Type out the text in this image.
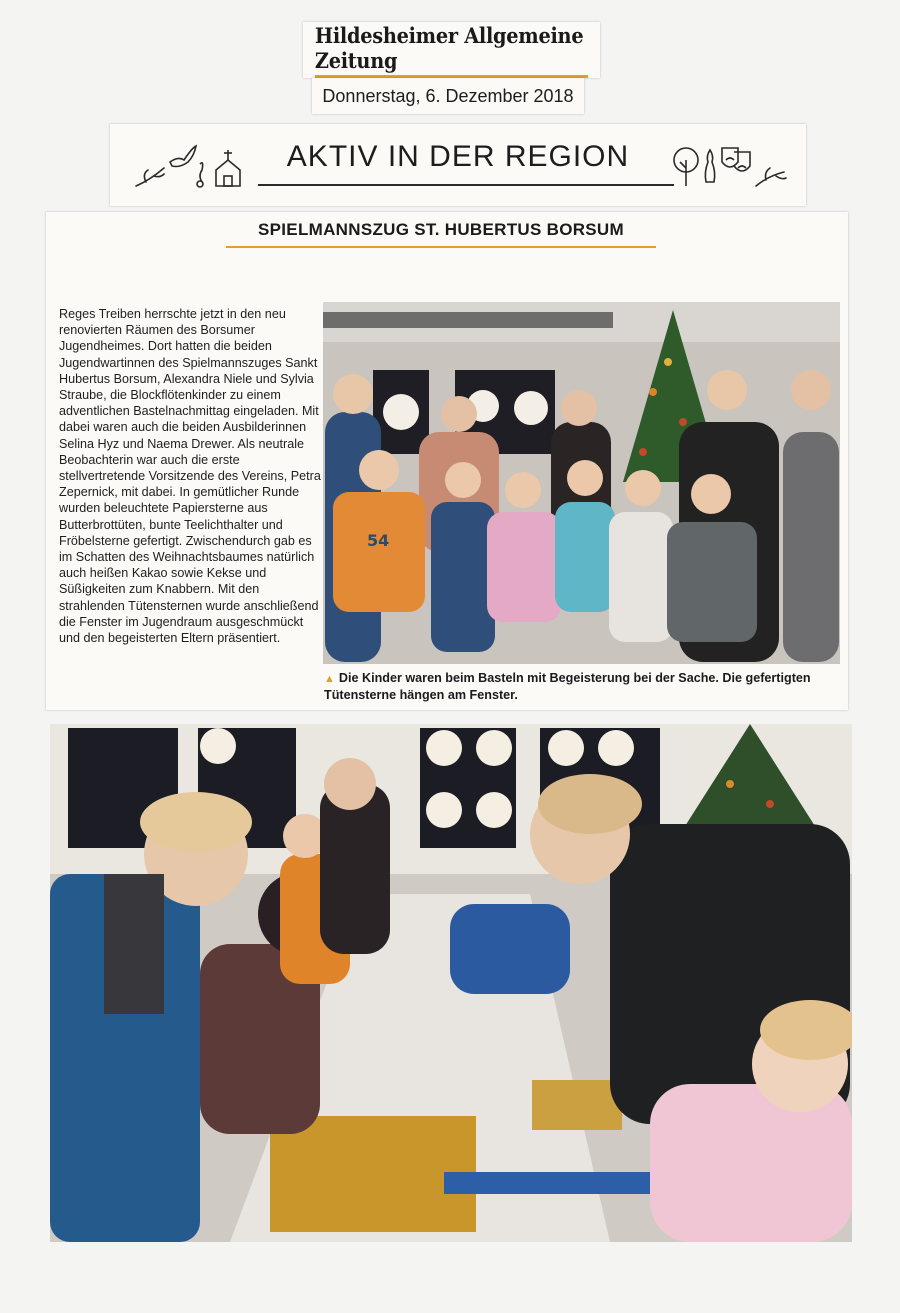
Hildesheimer Allgemeine Zeitung
Donnerstag, 6. Dezember 2018
AKTIV IN DER REGION
SPIELMANNSZUG ST. HUBERTUS BORSUM
Reges Treiben herrschte jetzt in den neu renovierten Räumen des Borsumer Jugendheimes. Dort hatten die beiden Jugendwartinnen des Spielmannszuges Sankt Hubertus Borsum, Alexandra Niele und Sylvia Straube, die Blockflötenkinder zu einem adventlichen Bastelnachmittag eingeladen. Mit dabei waren auch die beiden Ausbilderinnen Selina Hyz und Naema Drewer. Als neutrale Beobachterin war auch die erste stellvertretende Vorsitzende des Vereins, Petra Zepernick, mit dabei. In gemütlicher Runde wurden beleuchtete Papiersterne aus Butterbrottüten, bunte Teelichthalter und Fröbelsterne gefertigt. Zwischendurch gab es im Schatten des Weihnachtsbaumes natürlich auch heißen Kakao sowie Kekse und Süßigkeiten zum Knabbern. Mit den strahlenden Tütensternen wurde anschließend die Fenster im Jugendraum ausgeschmückt und den begeisterten Eltern präsentiert.
54
▲ Die Kinder waren beim Basteln mit Begeisterung bei der Sache. Die gefertigten Tütensterne hängen am Fenster.
